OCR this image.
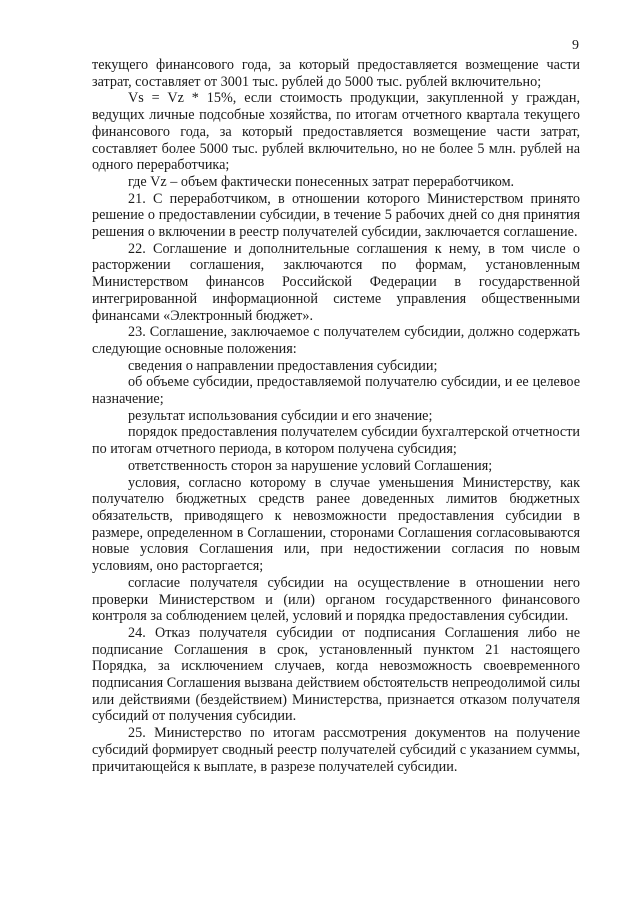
9

текущего финансового года, за который предоставляется возмещение части затрат, составляет от 3001 тыс. рублей до 5000 тыс. рублей включительно;

Vs = Vz * 15%, если стоимость продукции, закупленной у граждан, ведущих личные подсобные хозяйства, по итогам отчетного квартала текущего финансового года, за который предоставляется возмещение части затрат, составляет более 5000 тыс. рублей включительно, но не более 5 млн. рублей на одного переработчика;

где Vz – объем фактически понесенных затрат переработчиком.

21. С переработчиком, в отношении которого Министерством принято решение о предоставлении субсидии, в течение 5 рабочих дней со дня принятия решения о включении в реестр получателей субсидии, заключается соглашение.

22. Соглашение и дополнительные соглашения к нему, в том числе о расторжении соглашения, заключаются по формам, установленным Министерством финансов Российской Федерации в государственной интегрированной информационной системе управления общественными финансами «Электронный бюджет».

23. Соглашение, заключаемое с получателем субсидии, должно содержать следующие основные положения:

сведения о направлении предоставления субсидии;

об объеме субсидии, предоставляемой получателю субсидии, и ее целевое назначение;

результат использования субсидии и его значение;

порядок предоставления получателем субсидии бухгалтерской отчетности по итогам отчетного периода, в котором получена субсидия;

ответственность сторон за нарушение условий Соглашения;

условия, согласно которому в случае уменьшения Министерству, как получателю бюджетных средств ранее доведенных лимитов бюджетных обязательств, приводящего к невозможности предоставления субсидии в размере, определенном в Соглашении, сторонами Соглашения согласовываются новые условия Соглашения или, при недостижении согласия по новым условиям, оно расторгается;

согласие получателя субсидии на осуществление в отношении него проверки Министерством и (или) органом государственного финансового контроля за соблюдением целей, условий и порядка предоставления субсидии.

24. Отказ получателя субсидии от подписания Соглашения либо не подписание Соглашения в срок, установленный пунктом 21 настоящего Порядка, за исключением случаев, когда невозможность своевременного подписания Соглашения вызвана действием обстоятельств непреодолимой силы или действиями (бездействием) Министерства, признается отказом получателя субсидий от получения субсидии.

25. Министерство по итогам рассмотрения документов на получение субсидий формирует сводный реестр получателей субсидий с указанием суммы, причитающейся к выплате, в разрезе получателей субсидии.
